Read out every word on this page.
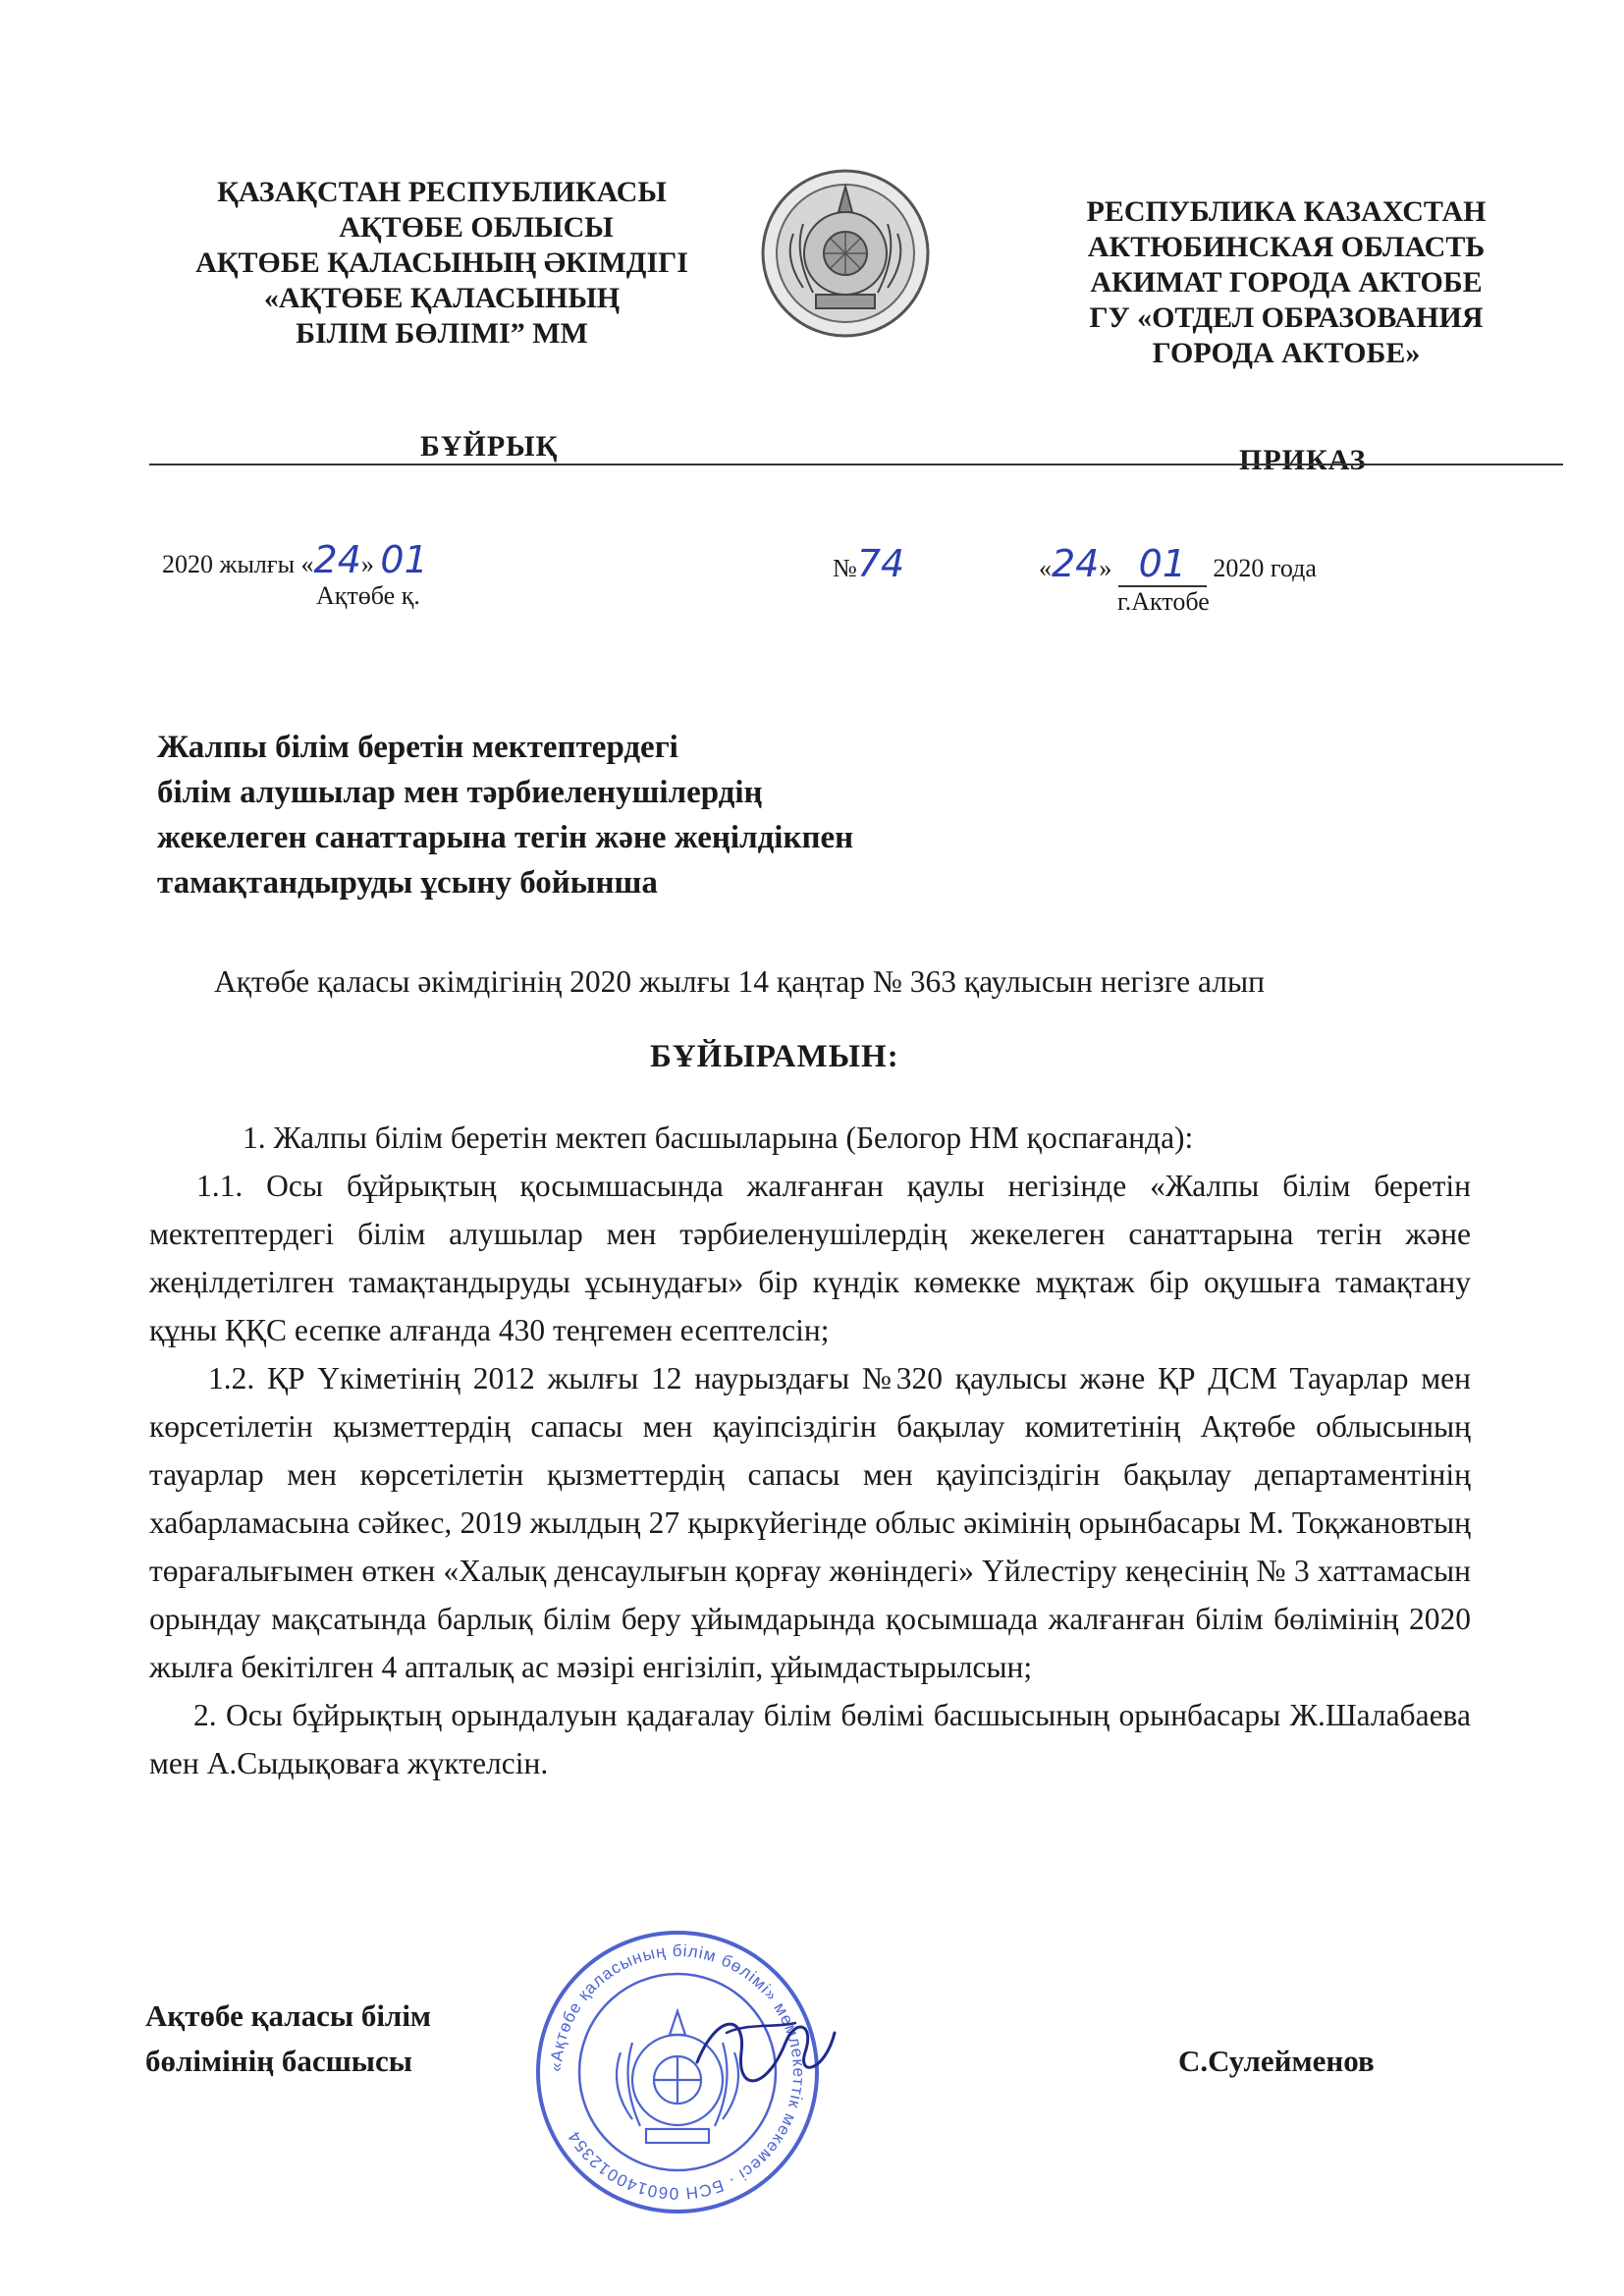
ҚАЗАҚСТАН РЕСПУБЛИКАСЫ
АҚТӨБЕ ОБЛЫСЫ
АҚТӨБЕ ҚАЛАСЫНЫҢ ӘКІМДІГІ
«АҚТӨБЕ ҚАЛАСЫНЫҢ
БІЛІМ БӨЛІМІ” ММ
РЕСПУБЛИКА КАЗАХСТАН
АКТЮБИНСКАЯ ОБЛАСТЬ
АКИМАТ ГОРОДА АКТОБЕ
ГУ «ОТДЕЛ ОБРАЗОВАНИЯ
ГОРОДА АКТОБЕ»
БҰЙРЫҚ	ПРИКАЗ
2020 жылғы «24» 01
Ақтөбе қ.
№74	«24» 01 2020 года
г.Актобе
Жалпы білім беретін мектептердегі
білім алушылар мен тәрбиеленушілердің
жекелеген санаттарына тегін және жеңілдікпен
тамақтандыруды ұсыну бойынша
Ақтөбе қаласы әкімдігінің 2020 жылғы 14 қаңтар № 363 қаулысын негізге алып
БҰЙЫРАМЫН:

1. Жалпы білім беретін мектеп басшыларына (Белогор НМ қоспағанда):

1.1. Осы бұйрықтың қосымшасында жалғанған қаулы негізінде «Жалпы білім беретін мектептердегі білім алушылар мен тәрбиеленушілердің жекелеген санаттарына тегін және жеңілдетілген тамақтандыруды ұсынудағы» бір күндік көмекке мұқтаж бір оқушыға тамақтану құны ҚҚС есепке алғанда 430 теңгемен есептелсін;

1.2. ҚР Үкіметінің 2012 жылғы 12 наурыздағы №320 қаулысы және ҚР ДСМ Тауарлар мен көрсетілетін қызметтердің сапасы мен қауіпсіздігін бақылау комитетінің Ақтөбе облысының тауарлар мен көрсетілетін қызметтердің сапасы мен қауіпсіздігін бақылау департаментінің хабарламасына сәйкес, 2019 жылдың 27 қыркүйегінде облыс әкімінің орынбасары М. Тоқжановтың төрағалығымен өткен «Халық денсаулығын қорғау жөніндегі» Үйлестіру кеңесінің № 3 хаттамасын орындау мақсатында барлық білім беру ұйымдарында қосымшада жалғанған білім бөлімінің 2020 жылға бекітілген 4 апталық ас мәзірі енгізіліп, ұйымдастырылсын;

2. Осы бұйрықтың орындалуын қадағалау білім бөлімі басшысының орынбасары Ж.Шалабаева мен А.Сыдықоваға жүктелсін.

Ақтөбе қаласы білім
бөлімінің басшысы	С.Сулейменов
«Ақтөбе қаласының білім бөлімі» мемлекеттік мекемесі · БСН 060140012354
